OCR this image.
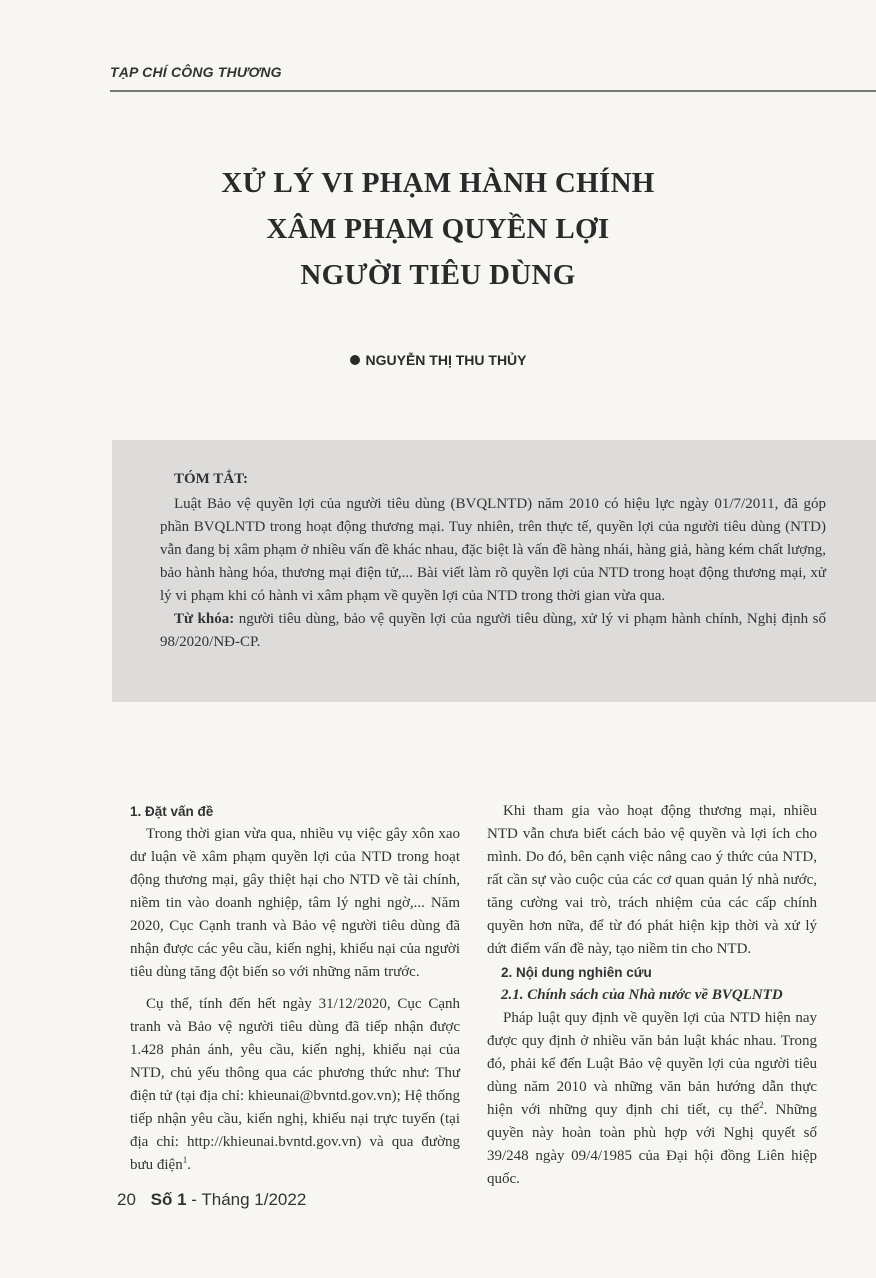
TẠP CHÍ CÔNG THƯƠNG
XỬ LÝ VI PHẠM HÀNH CHÍNH
XÂM PHẠM QUYỀN LỢI
NGƯỜI TIÊU DÙNG
NGUYỄN THỊ THU THỦY
TÓM TẮT:

Luật Bảo vệ quyền lợi của người tiêu dùng (BVQLNTD) năm 2010 có hiệu lực ngày 01/7/2011, đã góp phần BVQLNTD trong hoạt động thương mại. Tuy nhiên, trên thực tế, quyền lợi của người tiêu dùng (NTD) vẫn đang bị xâm phạm ở nhiều vấn đề khác nhau, đặc biệt là vấn đề hàng nhái, hàng giả, hàng kém chất lượng, bảo hành hàng hóa, thương mại điện tử,... Bài viết làm rõ quyền lợi của NTD trong hoạt động thương mại, xử lý vi phạm khi có hành vi xâm phạm về quyền lợi của NTD trong thời gian vừa qua.

Từ khóa: người tiêu dùng, bảo vệ quyền lợi của người tiêu dùng, xử lý vi phạm hành chính, Nghị định số 98/2020/NĐ-CP.

1. Đặt vấn đề

Trong thời gian vừa qua, nhiều vụ việc gây xôn xao dư luận về xâm phạm quyền lợi của NTD trong hoạt động thương mại, gây thiệt hại cho NTD về tài chính, niềm tin vào doanh nghiệp, tâm lý nghi ngờ,... Năm 2020, Cục Cạnh tranh và Bảo vệ người tiêu dùng đã nhận được các yêu cầu, kiến nghị, khiếu nại của người tiêu dùng tăng đột biến so với những năm trước.

Cụ thể, tính đến hết ngày 31/12/2020, Cục Cạnh tranh và Bảo vệ người tiêu dùng đã tiếp nhận được 1.428 phản ánh, yêu cầu, kiến nghị, khiếu nại của NTD, chủ yếu thông qua các phương thức như: Thư điện tử (tại địa chỉ: khieunai@bvntd.gov.vn); Hệ thống tiếp nhận yêu cầu, kiến nghị, khiếu nại trực tuyến (tại địa chỉ: http://khieunai.bvntd.gov.vn) và qua đường bưu điện$^1$.

Khi tham gia vào hoạt động thương mại, nhiều NTD vẫn chưa biết cách bảo vệ quyền và lợi ích cho mình. Do đó, bên cạnh việc nâng cao ý thức của NTD, rất cần sự vào cuộc của các cơ quan quản lý nhà nước, tăng cường vai trò, trách nhiệm của các cấp chính quyền hơn nữa, để từ đó phát hiện kịp thời và xử lý dứt điểm vấn đề này, tạo niềm tin cho NTD.

2. Nội dung nghiên cứu

2.1. Chính sách của Nhà nước về BVQLNTD

Pháp luật quy định về quyền lợi của NTD hiện nay được quy định ở nhiều văn bản luật khác nhau. Trong đó, phải kể đến Luật Bảo vệ quyền lợi của người tiêu dùng năm 2010 và những văn bản hướng dẫn thực hiện với những quy định chi tiết, cụ thể$^2$. Những quyền này hoàn toàn phù hợp với Nghị quyết số 39/248 ngày 09/4/1985 của Đại hội đồng Liên hiệp quốc.

20 Số 1 - Tháng 1/2022
